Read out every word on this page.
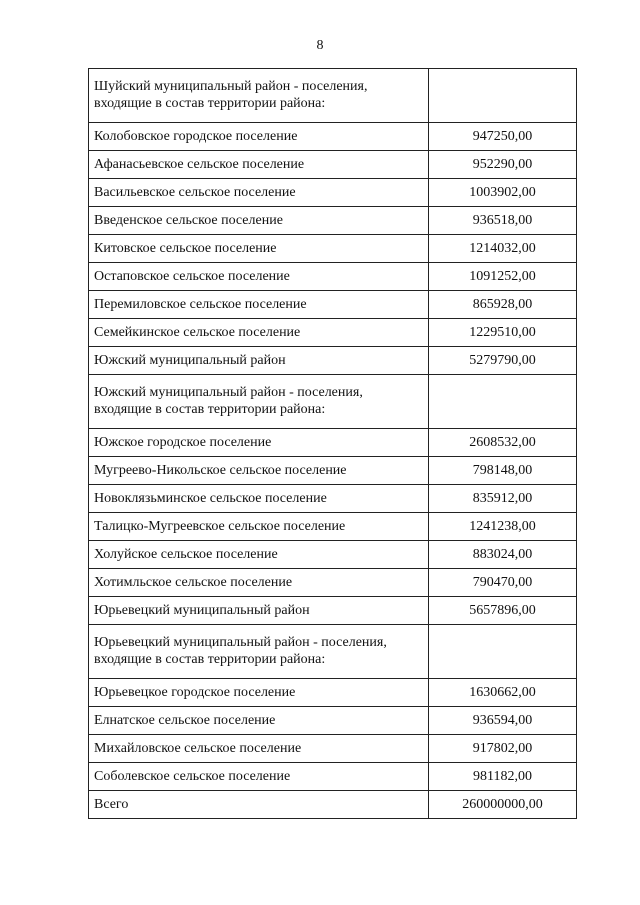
8
Шуйский муниципальный район - поселения, входящие в состав территории района:	
Колобовское городское поселение	947250,00
Афанасьевское сельское поселение	952290,00
Васильевское сельское поселение	1003902,00
Введенское сельское поселение	936518,00
Китовское сельское поселение	1214032,00
Остаповское сельское поселение	1091252,00
Перемиловское сельское поселение	865928,00
Семейкинское сельское поселение	1229510,00
Южский муниципальный район	5279790,00
Южский муниципальный район - поселения, входящие в состав территории района:	
Южское городское поселение	2608532,00
Мугреево-Никольское сельское поселение	798148,00
Новоклязьминское сельское поселение	835912,00
Талицко-Мугреевское сельское поселение	1241238,00
Холуйское сельское поселение	883024,00
Хотимльское сельское поселение	790470,00
Юрьевецкий муниципальный район	5657896,00
Юрьевецкий муниципальный район - поселения, входящие в состав территории района:	
Юрьевецкое городское поселение	1630662,00
Елнатское сельское поселение	936594,00
Михайловское сельское поселение	917802,00
Соболевское сельское поселение	981182,00
Всего	260000000,00
